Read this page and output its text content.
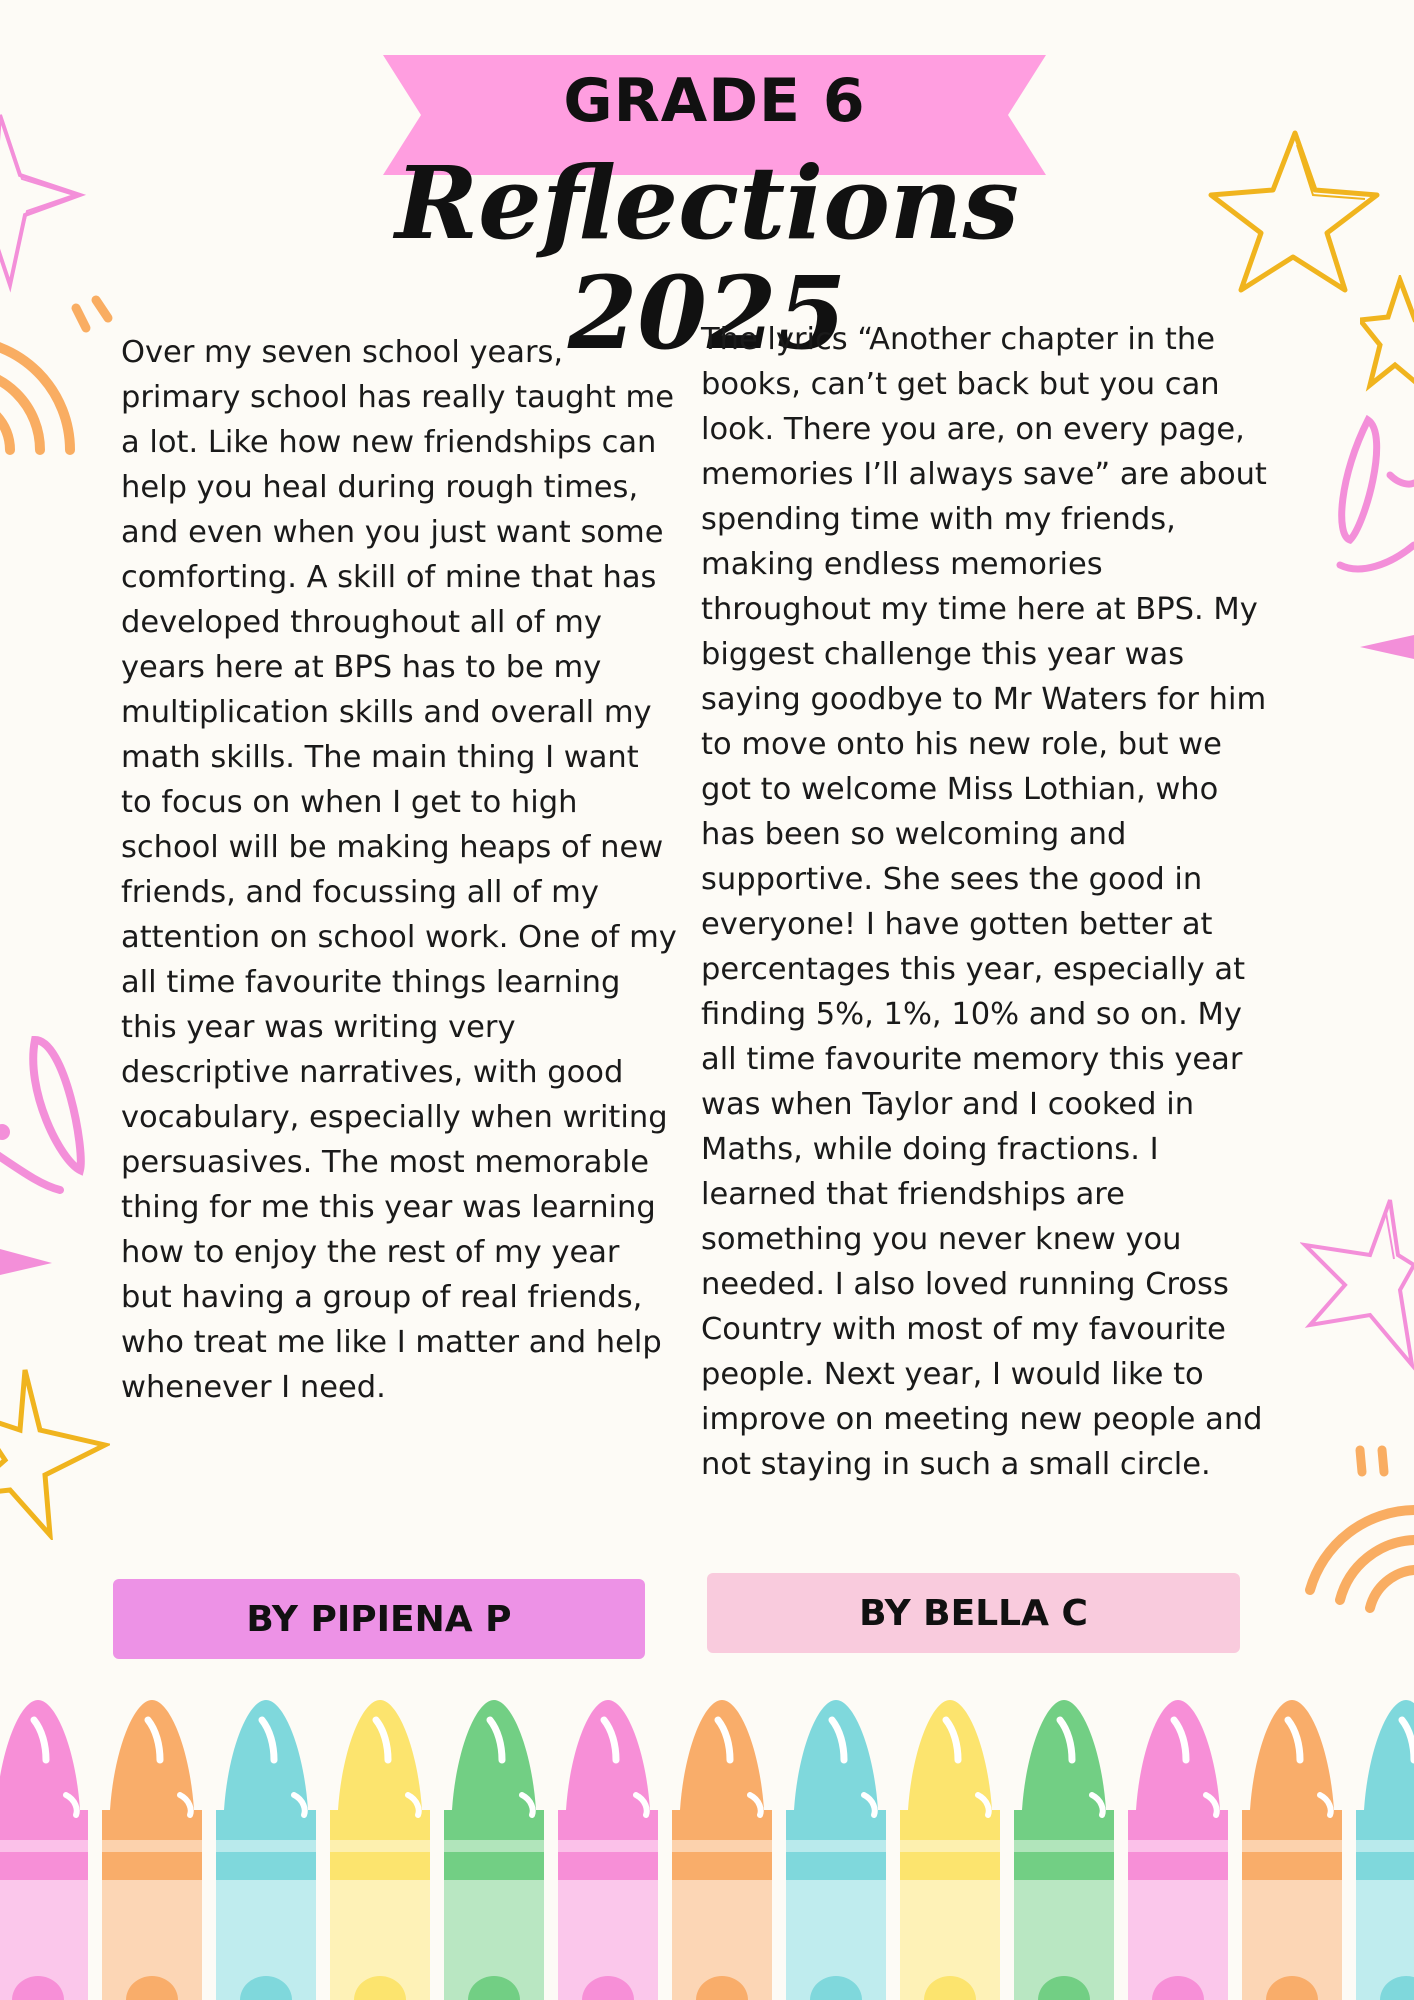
GRADE 6
Reflections 2025
Over my seven school years, primary school has really taught me a lot. Like how new friendships can help you heal during rough times, and even when you just want some comforting. A skill of mine that has developed throughout all of my years here at BPS has to be my multiplication skills and overall my math skills. The main thing I want to focus on when I get to high school will be making heaps of new friends, and focussing all of my attention on school work. One of my all time favourite things learning this year was writing very descriptive narratives, with good vocabulary, especially when writing persuasives. The most memorable thing for me this year was learning how to enjoy the rest of my year but having a group of real friends, who treat me like I matter and help whenever I need.
The lyrics “Another chapter in the books, can’t get back but you can look. There you are, on every page, memories I’ll always save” are about spending time with my friends, making endless memories throughout my time here at BPS. My biggest challenge this year was saying goodbye to Mr Waters for him to move onto his new role, but we got to welcome Miss Lothian, who has been so welcoming and supportive. She sees the good in everyone! I have gotten better at percentages this year, especially at finding 5%, 1%, 10% and so on. My all time favourite memory this year was when Taylor and I cooked in Maths, while doing fractions. I learned that friendships are something you never knew you needed. I also loved running Cross Country with most of my favourite people. Next year, I would like to improve on meeting new people and not staying in such a small circle.
BY PIPIENA P	BY BELLA C
